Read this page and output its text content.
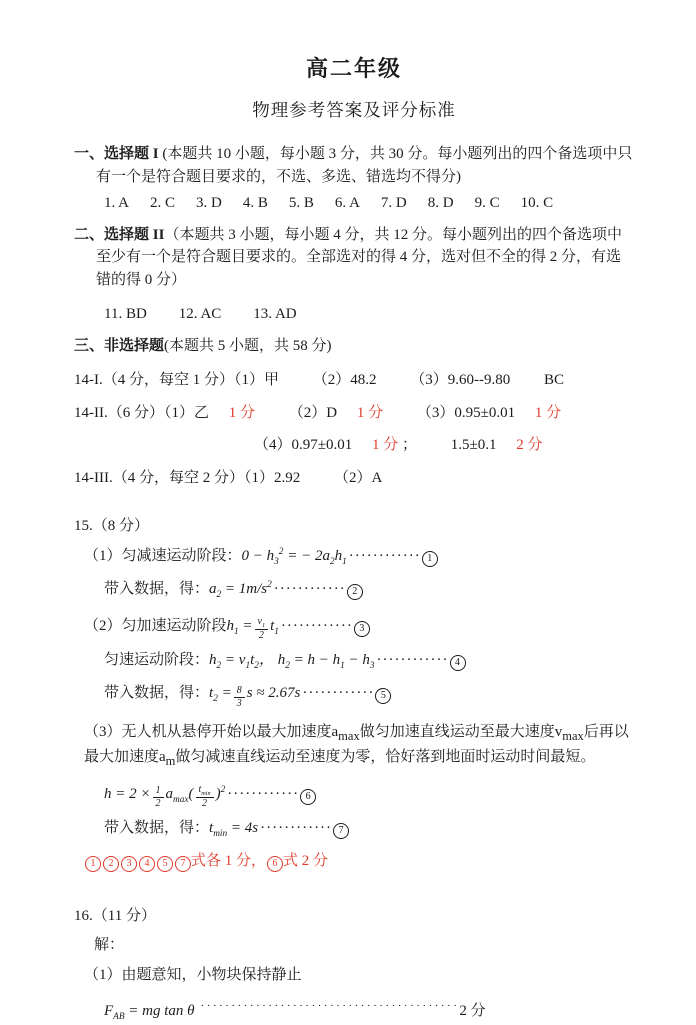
高二年级
物理参考答案及评分标准

一、选择题 I (本题共 10 小题，每小题 3 分，共 30 分。每小题列出的四个备选项中只有一个是符合题目要求的，不选、多选、错选均不得分)

1. A 2. C 3. D 4. B 5. B 6. A 7. D 8. D 9. C 10. C

二、选择题 II（本题共 3 小题，每小题 4 分，共 12 分。每小题列出的四个备选项中至少有一个是符合题目要求的。全部选对的得 4 分，选对但不全的得 2 分，有选错的得 0 分）

11. BD 12. AC 13. AD

三、非选择题(本题共 5 小题，共 58 分)

14-I.（4 分，每空 1 分）（1）甲 （2）48.2 （3）9.60--9.80 BC

14-II.（6 分）（1）乙 1 分 （2）D 1 分 （3）0.95±0.01 1 分

（4）0.97±0.01 1 分 ； 1.5±0.1 2 分

14-III.（4 分，每空 2 分）（1）2.92 （2）A

15.（8 分）

（1）匀减速运动阶段：$0 - h_3^2$ = − $2a_2h_1$ ············ 1

带入数据，得：$a_2 = 1m/s^2$ ············ 2

（2）匀加速运动阶段$h_1 = \frac{v_1}{2} t_1$ ············ 3

匀速运动阶段：$h_2 = v_1t_2$， $h_2 = h - h_1 - h_3$ ············ 4

带入数据，得：$t_2 = \frac{8}{3}$ s ≈ 2.67s ············ 5

（3）无人机从悬停开始以最大加速度$a_{max}$做匀加速直线运动至最大速度$v_{max}$后再以最大加速度$a_m$做匀减速直线运动至速度为零，恰好落到地面时运动时间最短。

$h = 2 \times \frac{1}{2} a_{max}( \frac{t_{min}}{2} )^2$ ············ 6

带入数据，得：$t_{min} = 4s$ ············ 7

1 2 3 4 5 7 式各 1 分， 6 式 2 分

16.（11 分）

解：

（1）由题意知，小物块保持静止

$F_{AB}$ = mg tan θ ··········································2 分
